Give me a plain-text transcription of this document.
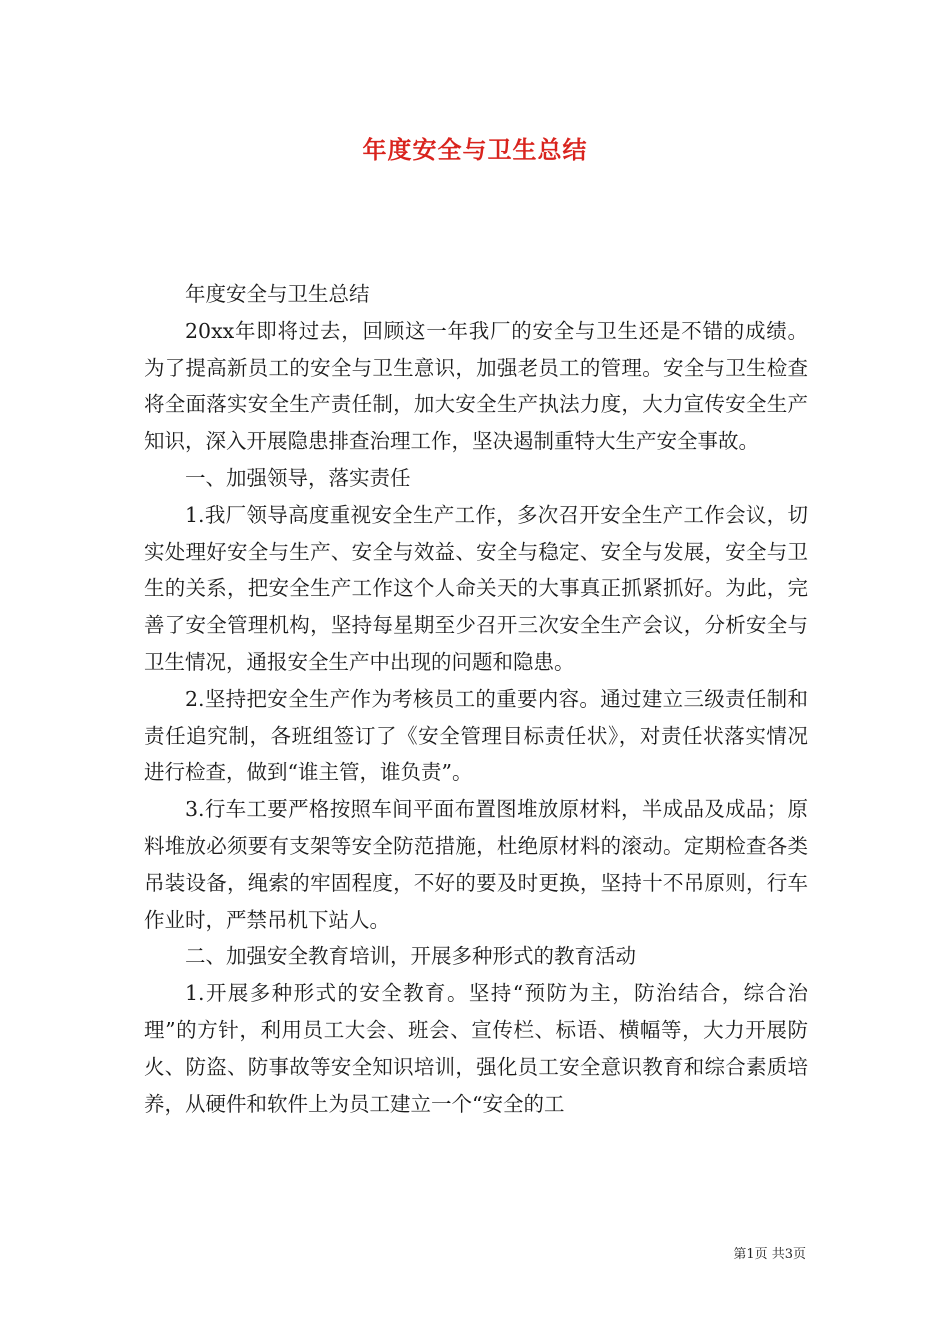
年度安全与卫生总结

年度安全与卫生总结

20xx年即将过去，回顾这一年我厂的安全与卫生还是不错的成绩。为了提高新员工的安全与卫生意识，加强老员工的管理。安全与卫生检查将全面落实安全生产责任制，加大安全生产执法力度，大力宣传安全生产知识，深入开展隐患排查治理工作，坚决遏制重特大生产安全事故。

一、加强领导，落实责任

1.我厂领导高度重视安全生产工作，多次召开安全生产工作会议，切实处理好安全与生产、安全与效益、安全与稳定、安全与发展，安全与卫生的关系，把安全生产工作这个人命关天的大事真正抓紧抓好。为此，完善了安全管理机构，坚持每星期至少召开三次安全生产会议，分析安全与卫生情况，通报安全生产中出现的问题和隐患。

2.坚持把安全生产作为考核员工的重要内容。通过建立三级责任制和责任追究制，各班组签订了《安全管理目标责任状》，对责任状落实情况进行检查，做到“谁主管，谁负责”。

3.行车工要严格按照车间平面布置图堆放原材料，半成品及成品；原料堆放必须要有支架等安全防范措施，杜绝原材料的滚动。定期检查各类吊装设备，绳索的牢固程度，不好的要及时更换，坚持十不吊原则，行车作业时，严禁吊机下站人。

二、加强安全教育培训，开展多种形式的教育活动

1.开展多种形式的安全教育。坚持“预防为主，防治结合，综合治理”的方针，利用员工大会、班会、宣传栏、标语、横幅等，大力开展防火、防盗、防事故等安全知识培训，强化员工安全意识教育和综合素质培养，从硬件和软件上为员工建立一个“安全的工

第1页 共3页
